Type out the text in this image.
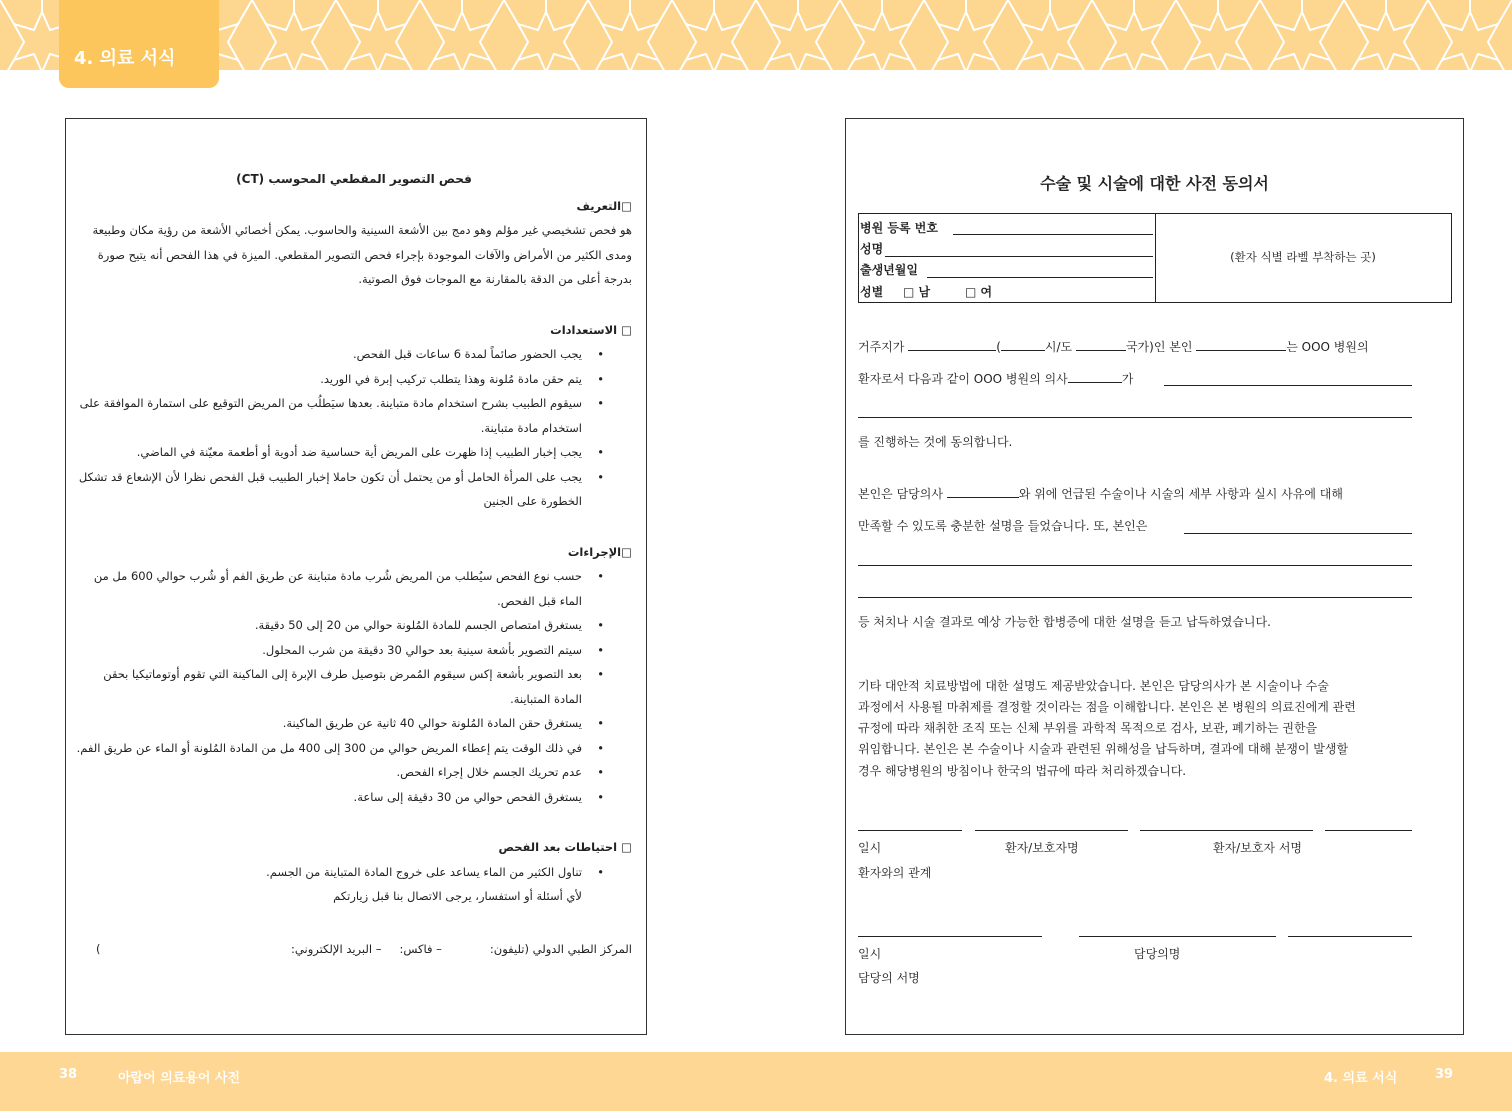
4. 의료 서식
فحص التصوير المقطعي المحوسب (CT)
□التعريف
هو فحص تشخيصي غير مؤلم وهو دمج بين الأشعة السينية والحاسوب. يمكن أخصائي الأشعة من رؤية مكان وطبيعة ومدى الكثير من الأمراض والآفات الموجودة بإجراء فحص التصوير المقطعي. الميزة في هذا الفحص أنه يتيح صورة بدرجة أعلى من الدقة بالمقارنة مع الموجات فوق الصوتية.
□ الاستعدادات
• يجب الحضور صائماً لمدة 6 ساعات قبل الفحص.
• يتم حقن مادة مُلونة وهذا يتطلب تركيب إبرة في الوريد.
• سيقوم الطبيب بشرح استخدام مادة متباينة. بعدها سيَطلُب من المريض التوقيع على استمارة الموافقة على استخدام مادة متباينة.
• يجب إخبار الطبيب إذا ظهرت على المريض أية حساسية ضد أدوية أو أطعمة معيّنة في الماضي.
• يجب على المرأة الحامل أو من يحتمل أن تكون حاملا إخبار الطبيب قبل الفحص نظرا لأن الإشعاع قد تشكل الخطورة على الجنين
□الإجراءات
• حسب نوع الفحص سيُطلب من المريض شُرب مادة متباينة عن طريق الفم أو شُرب حوالي 600 مل من الماء قبل الفحص.
• يستغرق امتصاص الجسم للمادة المُلونة حوالي من 20 إلى 50 دقيقة.
• سيتم التصوير بأشعة سينية بعد حوالي 30 دقيقة من شرب المحلول.
• بعد التصوير بأشعة إكس سيقوم المُمرض بتوصيل طرف الإبرة إلى الماكينة التي تقوم أوتوماتيكيا بحقن المادة المتباينة.
• يستغرق حقن المادة المُلونة حوالي 40 ثانية عن طريق الماكينة.
• في ذلك الوقت يتم إعطاء المريض حوالي من 300 إلى 400 مل من المادة المُلونة أو الماء عن طريق الفم.
• عدم تحريك الجسم خلال إجراء الفحص.
• يستغرق الفحص حوالي من 30 دقيقة إلى ساعة.
□ احتياطات بعد الفحص
• تناول الكثير من الماء يساعد على خروج المادة المتباينة من الجسم.
لأي أسئلة أو استفسار، يرجى الاتصال بنا قبل زيارتكم
المركز الطبي الدولي (تليفون:
– فاكس:
– البريد الإلكتروني:
)
수술 및 시술에 대한 사전 동의서
병원 등록 번호
성명
출생년월일
성별 □ 남	□ 여
(환자 식별 라벨 부착하는 곳)
거주지가	(	시/도	국가)인 본인	는 OOO 병원의
환자로서 다음과 같이 OOO 병원의 의사	가
를 진행하는 것에 동의합니다.
본인은 담당의사	와 위에 언급된 수술이나 시술의 세부 사항과 실시 사유에 대해
만족할 수 있도록 충분한 설명을 들었습니다. 또, 본인은
등 처치나 시술 결과로 예상 가능한 합병증에 대한 설명을 듣고 납득하였습니다.
기타 대안적 치료방법에 대한 설명도 제공받았습니다. 본인은 담당의사가 본 시술이나 수술
과정에서 사용될 마취제를 결정할 것이라는 점을 이해합니다. 본인은 본 병원의 의료진에게 관련
규정에 따라 채취한 조직 또는 신체 부위를 과학적 목적으로 검사, 보관, 폐기하는 권한을
위임합니다. 본인은 본 수술이나 시술과 관련된 위해성을 납득하며, 결과에 대해 분쟁이 발생할
경우 해당병원의 방침이나 한국의 법규에 따라 처리하겠습니다.
일시	환자/보호자명	환자/보호자 서명
환자와의 관계
일시	담당의명
담당의 서명
38	아랍어 의료용어 사전	4. 의료 서식	39
